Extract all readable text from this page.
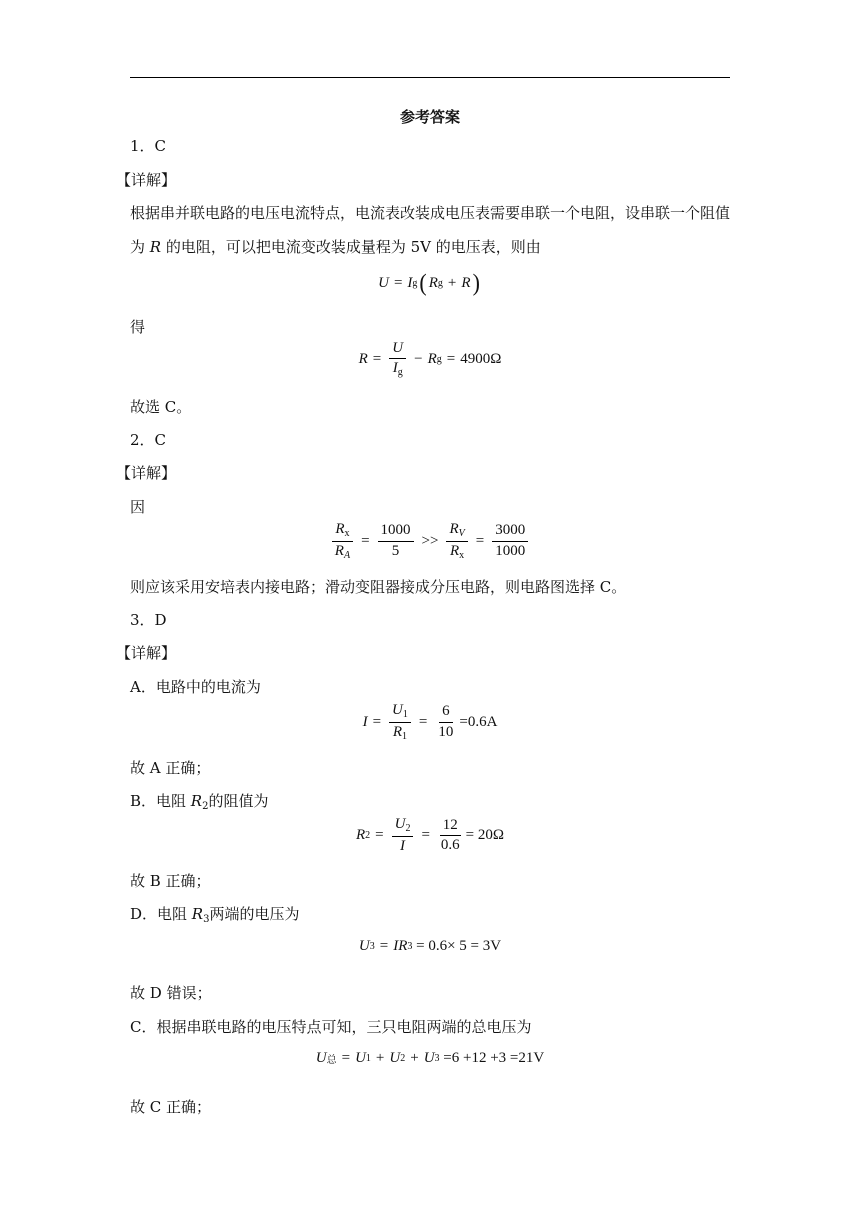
参考答案
1．C
【详解】
根据串并联电路的电压电流特点，电流表改装成电压表需要串联一个电阻，设串联一个阻值
为 R 的电阻，可以把电流变改装成量程为 5V 的电压表，则由
U = I g ( R g + R )
得
$R = \frac{U}{I_g} - R$ g = 4900Ω
故选 C。
2．C
【详解】
因
$\frac{R_x}{R_A} = \frac{1000}{5} >> \frac{R_V}{R_x} = \frac{3000}{1000}$
则应该采用安培表内接电路；滑动变阻器接成分压电路，则电路图选择 C。
3．D
【详解】
A．电路中的电流为
$I = \frac{U_1}{R_1} = \frac{6}{10} =0.6A$
故 A 正确；
B．电阻 $R_2$的阻值为
R $2 = \frac{U_2}{I} = \frac{12}{0.6} = 20\Omega$
故 B 正确；
D．电阻 $R_3$两端的电压为
U 3 = IR 3
= 0.6× 5 = 3V
故 D 错误；
C．根据串联电路的电压特点可知，三只电阻两端的总电压为
U 总 = U 1 + U 2 + U 3
=6 +12 +3 =21V
故 C 正确；
